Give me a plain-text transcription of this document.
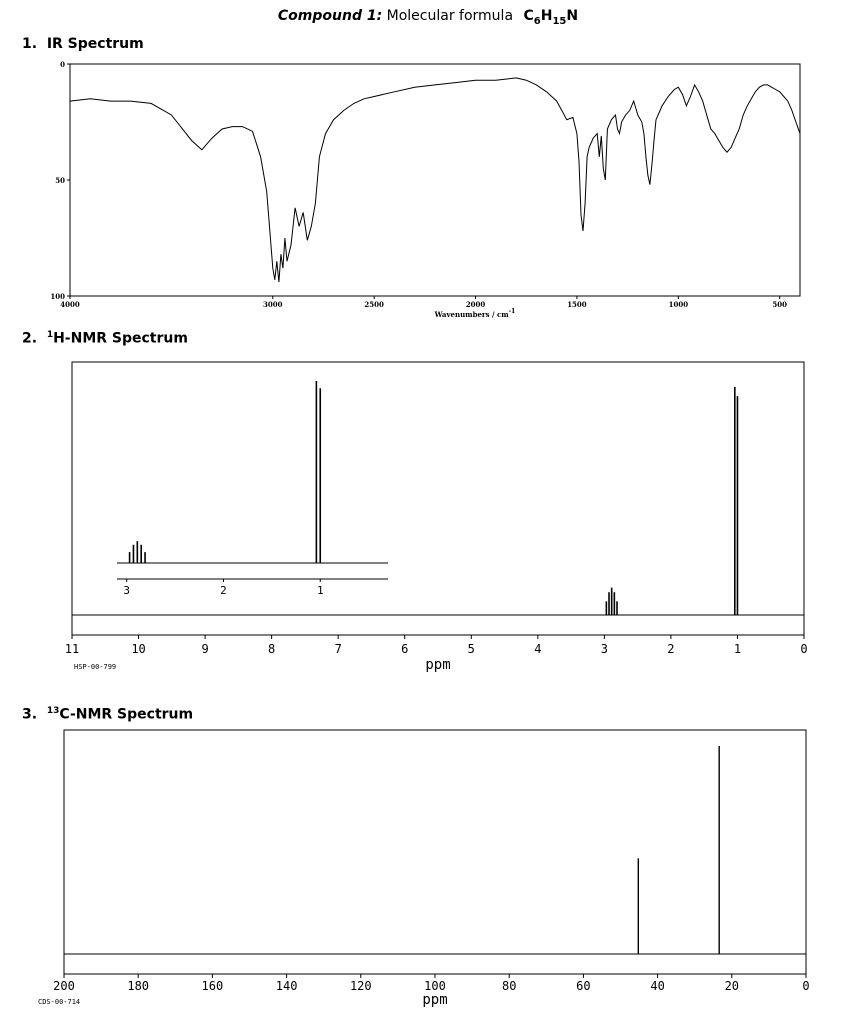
Compound 1: Molecular formula $C_6H_{15}N$
1. IR Spectrum
2. $^1$H-NMR Spectrum
3. $^{13}$C-NMR Spectrum
4000	3000	2500	2000	1500	1000	500
0
50
100
Wavenumbers / cm-1
11	10	9	8	7	6	5	4	3	2	1	0
ppm
HSP-00-799
3	2	1
200	180	160	140	120	100	80	60	40	20	0
ppm
CDS-00-714
